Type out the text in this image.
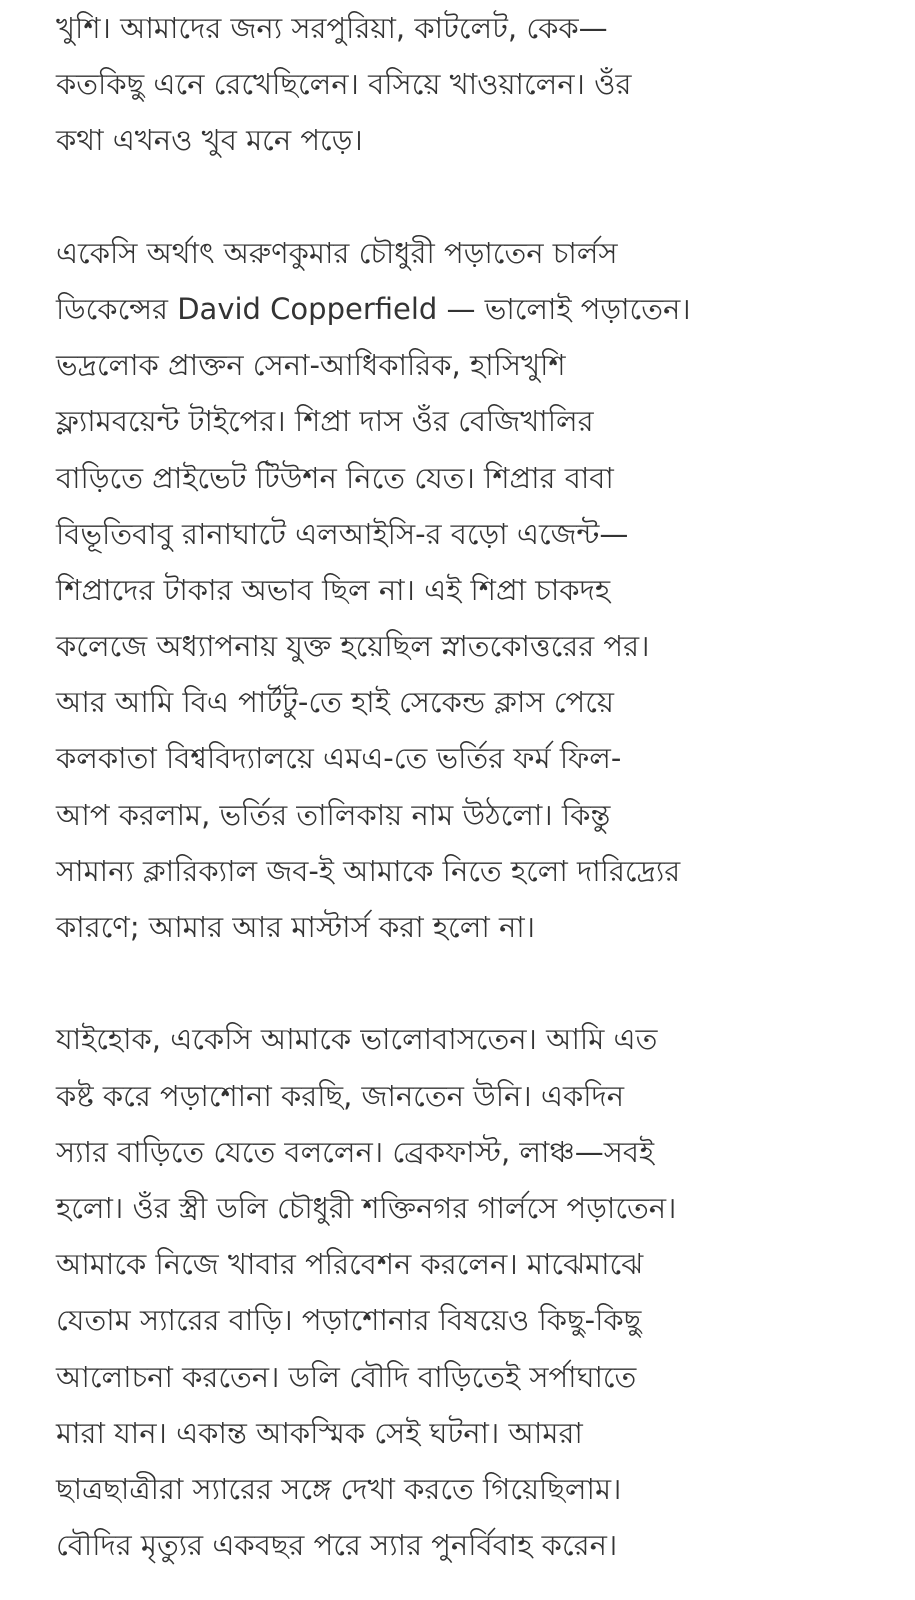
খুশি। আমাদের জন্য সরপুরিয়া, কাটলেট, কেক—
কতকিছু এনে রেখেছিলেন। বসিয়ে খাওয়ালেন। ওঁর
কথা এখনও খুব মনে পড়ে।

একেসি অর্থাৎ অরুণকুমার চৌধুরী পড়াতেন চার্লস
ডিকেন্সের David Copperfield — ভালোই পড়াতেন।
ভদ্রলোক প্রাক্তন সেনা-আধিকারিক, হাসিখুশি
ফ্ল্যামবয়েন্ট টাইপের। শিপ্রা দাস ওঁর বেজিখালির
বাড়িতে প্রাইভেট টিউশন নিতে যেত। শিপ্রার বাবা
বিভূতিবাবু রানাঘাটে এলআইসি-র বড়ো এজেন্ট—
শিপ্রাদের টাকার অভাব ছিল না। এই শিপ্রা চাকদহ
কলেজে অধ্যাপনায় যুক্ত হয়েছিল স্নাতকোত্তরের পর।
আর আমি বিএ পার্টটু-তে হাই সেকেন্ড ক্লাস পেয়ে
কলকাতা বিশ্ববিদ্যালয়ে এমএ-তে ভর্তির ফর্ম ফিল-
আপ করলাম, ভর্তির তালিকায় নাম উঠলো। কিন্তু
সামান্য ক্লারিক্যাল জব-ই আমাকে নিতে হলো দারিদ্র্যের
কারণে; আমার আর মাস্টার্স করা হলো না।

যাইহোক, একেসি আমাকে ভালোবাসতেন। আমি এত
কষ্ট করে পড়াশোনা করছি, জানতেন উনি। একদিন
স্যার বাড়িতে যেতে বললেন। ব্রেকফাস্ট, লাঞ্চ—সবই
হলো। ওঁর স্ত্রী ডলি চৌধুরী শক্তিনগর গার্লসে পড়াতেন।
আমাকে নিজে খাবার পরিবেশন করলেন। মাঝেমাঝে
যেতাম স্যারের বাড়ি। পড়াশোনার বিষয়েও কিছু-কিছু
আলোচনা করতেন। ডলি বৌদি বাড়িতেই সর্পাঘাতে
মারা যান। একান্ত আকস্মিক সেই ঘটনা। আমরা
ছাত্রছাত্রীরা স্যারের সঙ্গে দেখা করতে গিয়েছিলাম।
বৌদির মৃত্যুর একবছর পরে স্যার পুনর্বিবাহ করেন।
